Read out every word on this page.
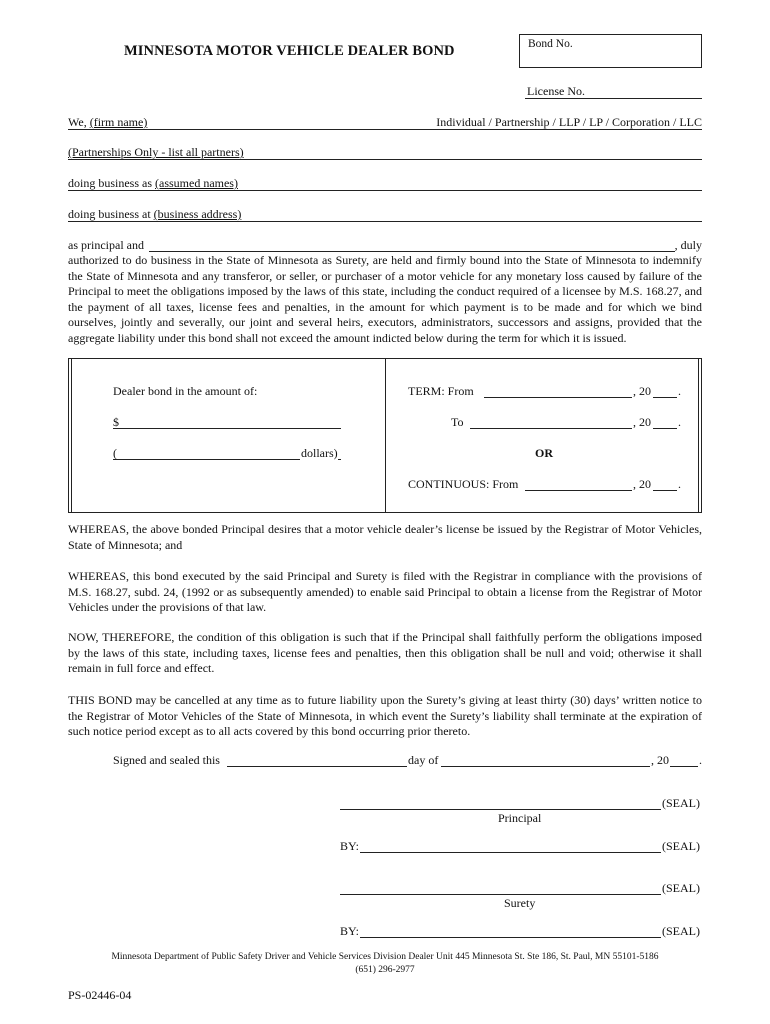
MINNESOTA MOTOR VEHICLE DEALER BOND	Bond No.
License No.
We, (firm name)	Individual / Partnership / LLP / LP / Corporation / LLC
(Partnerships Only - list all partners)
doing business as (assumed names)
doing business at (business address)
as principal and	, duly
authorized to do business in the State of Minnesota as Surety, are held and firmly bound into the State of Minnesota to indemnify the State of Minnesota and any transferor, or seller, or purchaser of a motor vehicle for any monetary loss caused by failure of the Principal to meet the obligations imposed by the laws of this state, including the conduct required of a licensee by M.S. 168.27, and the payment of all taxes, license fees and penalties, in the amount for which payment is to be made and for which we bind ourselves, jointly and severally, our joint and several heirs, executors, administrators, successors and assigns, provided that the aggregate liability under this bond shall not exceed the amount indicted below during the term for which it is issued.
Dealer bond in the amount of:
$
(	dollars)
TERM: From	, 20 .
To	, 20 .
OR
CONTINUOUS: From	, 20 .
WHEREAS, the above bonded Principal desires that a motor vehicle dealer’s license be issued by the Registrar of Motor Vehicles, State of Minnesota; and
WHEREAS, this bond executed by the said Principal and Surety is filed with the Registrar in compliance with the provisions of M.S. 168.27, subd. 24, (1992 or as subsequently amended) to enable said Principal to obtain a license from the Registrar of Motor Vehicles under the provisions of that law.
NOW, THEREFORE, the condition of this obligation is such that if the Principal shall faithfully perform the obligations imposed by the laws of this state, including taxes, license fees and penalties, then this obligation shall be null and void; otherwise it shall remain in full force and effect.
THIS BOND may be cancelled at any time as to future liability upon the Surety’s giving at least thirty (30) days’ written notice to the Registrar of Motor Vehicles of the State of Minnesota, in which event the Surety’s liability shall terminate at the expiration of such notice period except as to all acts covered by this bond occurring prior thereto.
Signed and sealed this	day of	, 20	.
(SEAL)
Principal
BY:	(SEAL)
(SEAL)
Surety
BY:	(SEAL)
Minnesota Department of Public Safety Driver and Vehicle Services Division Dealer Unit 445 Minnesota St. Ste 186, St. Paul, MN 55101-5186
(651) 296-2977
PS-02446-04
